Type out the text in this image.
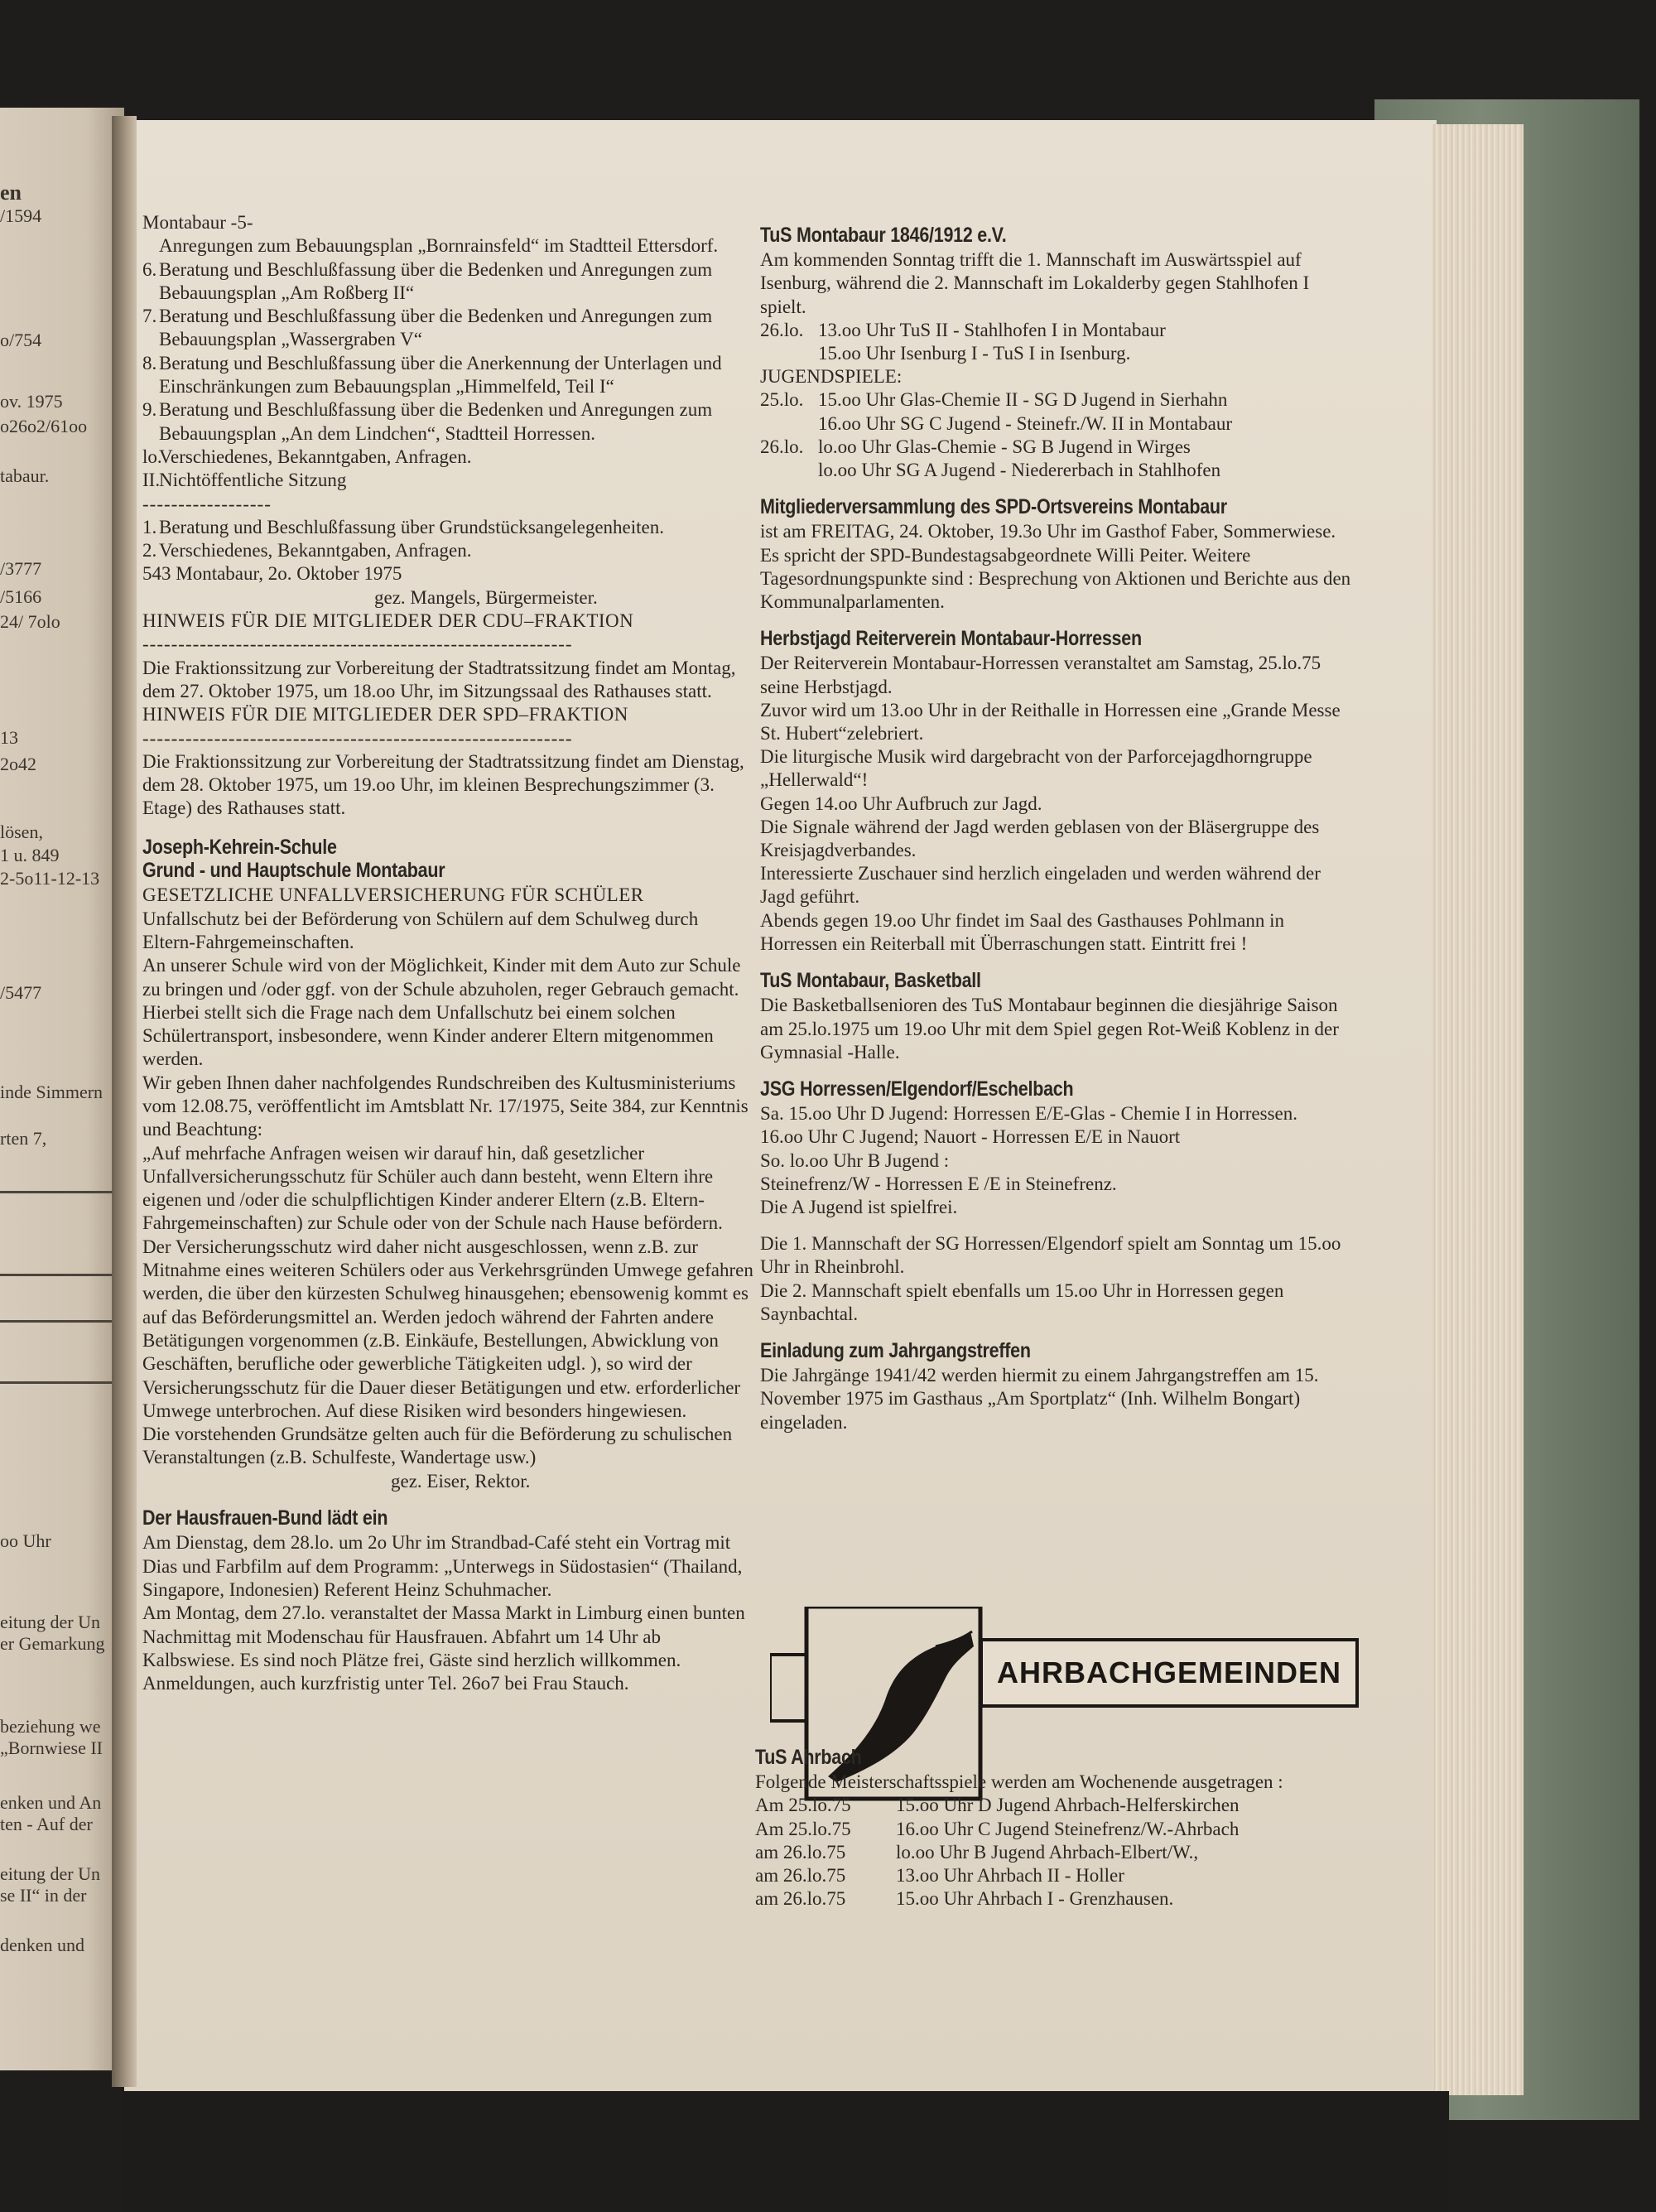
en
/1594
o/754
ov. 1975
o26o2/61oo
tabaur.
/3777
/5166
24/ 7olo
13
2o42
lösen,
1 u. 849
2-5o11-12-13
/5477
inde Simmern
rten 7,
oo Uhr
eitung der Un
er Gemarkung
beziehung we
„Bornwiese II
enken und An
ten - Auf der
eitung der Un
se II“ in der
denken und
Montabaur -5-
Anregungen zum Bebauungsplan „Bornrainsfeld“ im Stadtteil Ettersdorf.
6. Beratung und Beschlußfassung über die Bedenken und Anregungen zum Bebauungsplan „Am Roßberg II“
7. Beratung und Beschlußfassung über die Bedenken und Anregungen zum Bebauungsplan „Wassergraben V“
8. Beratung und Beschlußfassung über die Anerkennung der Unterlagen und Einschränkungen zum Bebauungsplan „Himmelfeld, Teil I“
9. Beratung und Beschlußfassung über die Bedenken und Anregungen zum Bebauungsplan „An dem Lindchen“, Stadtteil Horressen.
lo.
Verschiedenes, Bekanntgaben, Anfragen.
II.
Nichtöffentliche Sitzung
------------------
1. Beratung und Beschlußfassung über Grundstücksangelegenheiten.
2. Verschiedenes, Bekanntgaben, Anfragen.
543 Montabaur, 2o. Oktober 1975
gez. Mangels, Bürgermeister.
HINWEIS FÜR DIE MITGLIEDER DER CDU–FRAKTION
------------------------------------------------------------

Die Fraktionssitzung zur Vorbereitung der Stadtratssitzung findet am Montag, dem 27. Oktober 1975, um 18.oo Uhr, im Sitzungssaal des Rathauses statt.

HINWEIS FÜR DIE MITGLIEDER DER SPD–FRAKTION
------------------------------------------------------------

Die Fraktionssitzung zur Vorbereitung der Stadtratssitzung findet am Dienstag, dem 28. Oktober 1975, um 19.oo Uhr, im kleinen Besprechungszimmer (3. Etage) des Rathauses statt.

Joseph-Kehrein-Schule
Grund - und Hauptschule Montabaur
GESETZLICHE UNFALLVERSICHERUNG FÜR SCHÜLER

Unfallschutz bei der Beförderung von Schülern auf dem Schulweg durch Eltern-Fahrgemeinschaften.

An unserer Schule wird von der Möglichkeit, Kinder mit dem Auto zur Schule zu bringen und /oder ggf. von der Schule abzuholen, reger Gebrauch gemacht.

Hierbei stellt sich die Frage nach dem Unfallschutz bei einem solchen Schülertransport, insbesondere, wenn Kinder anderer Eltern mitgenommen werden.

Wir geben Ihnen daher nachfolgendes Rundschreiben des Kultusministeriums vom 12.08.75, veröffentlicht im Amtsblatt Nr. 17/1975, Seite 384, zur Kenntnis und Beachtung:

„Auf mehrfache Anfragen weisen wir darauf hin, daß gesetzlicher Unfallversicherungsschutz für Schüler auch dann besteht, wenn Eltern ihre eigenen und /oder die schulpflichtigen Kinder anderer Eltern (z.B. Eltern-Fahrgemeinschaften) zur Schule oder von der Schule nach Hause befördern.

Der Versicherungsschutz wird daher nicht ausgeschlossen, wenn z.B. zur Mitnahme eines weiteren Schülers oder aus Verkehrsgründen Umwege gefahren werden, die über den kürzesten Schulweg hinausgehen; ebensowenig kommt es auf das Beförderungsmittel an. Werden jedoch während der Fahrten andere Betätigungen vorgenommen (z.B. Einkäufe, Bestellungen, Abwicklung von Geschäften, berufliche oder gewerbliche Tätigkeiten udgl. ), so wird der Versicherungsschutz für die Dauer dieser Betätigungen und etw. erforderlicher Umwege unterbrochen. Auf diese Risiken wird besonders hingewiesen.

Die vorstehenden Grundsätze gelten auch für die Beförderung zu schulischen Veranstaltungen (z.B. Schulfeste, Wandertage usw.)

gez. Eiser, Rektor.
Der Hausfrauen-Bund lädt ein

Am Dienstag, dem 28.lo. um 2o Uhr im Strandbad-Café steht ein Vortrag mit Dias und Farbfilm auf dem Programm: „Unterwegs in Südostasien“ (Thailand, Singapore, Indonesien) Referent Heinz Schuhmacher.

Am Montag, dem 27.lo. veranstaltet der Massa Markt in Limburg einen bunten Nachmittag mit Modenschau für Hausfrauen. Abfahrt um 14 Uhr ab Kalbswiese. Es sind noch Plätze frei, Gäste sind herzlich willkommen. Anmeldungen, auch kurzfristig unter Tel. 26o7 bei Frau Stauch.

TuS Montabaur 1846/1912 e.V.

Am kommenden Sonntag trifft die 1. Mannschaft im Auswärtsspiel auf Isenburg, während die 2. Mannschaft im Lokalderby gegen Stahlhofen I spielt.

26.lo. 13.oo Uhr TuS II - Stahlhofen I in Montabaur
15.oo Uhr Isenburg I - TuS I in Isenburg.
JUGENDSPIELE:
25.lo. 15.oo Uhr Glas-Chemie II - SG D Jugend in Sierhahn
16.oo Uhr SG C Jugend - Steinefr./W. II in Montabaur
26.lo. lo.oo Uhr Glas-Chemie - SG B Jugend in Wirges
lo.oo Uhr SG A Jugend - Niedererbach in Stahlhofen
Mitgliederversammlung des SPD-Ortsvereins Montabaur

ist am FREITAG, 24. Oktober, 19.3o Uhr im Gasthof Faber, Sommerwiese. Es spricht der SPD-Bundestagsabgeordnete Willi Peiter. Weitere Tagesordnungspunkte sind : Besprechung von Aktionen und Berichte aus den Kommunalparlamenten.

Herbstjagd Reiterverein Montabaur-Horressen

Der Reiterverein Montabaur-Horressen veranstaltet am Samstag, 25.lo.75 seine Herbstjagd.

Zuvor wird um 13.oo Uhr in der Reithalle in Horressen eine „Grande Messe St. Hubert“zelebriert.

Die liturgische Musik wird dargebracht von der Parforcejagdhorngruppe „Hellerwald“!

Gegen 14.oo Uhr Aufbruch zur Jagd.

Die Signale während der Jagd werden geblasen von der Bläsergruppe des Kreisjagdverbandes.

Interessierte Zuschauer sind herzlich eingeladen und werden während der Jagd geführt.

Abends gegen 19.oo Uhr findet im Saal des Gasthauses Pohlmann in Horressen ein Reiterball mit Überraschungen statt. Eintritt frei !

TuS Montabaur, Basketball

Die Basketballsenioren des TuS Montabaur beginnen die diesjährige Saison am 25.lo.1975 um 19.oo Uhr mit dem Spiel gegen Rot-Weiß Koblenz in der Gymnasial -Halle.

JSG Horressen/Elgendorf/Eschelbach

Sa. 15.oo Uhr D Jugend: Horressen E/E-Glas - Chemie I in Horressen.

16.oo Uhr C Jugend; Nauort - Horressen E/E in Nauort

So. lo.oo Uhr B Jugend :

Steinefrenz/W - Horressen E /E in Steinefrenz.

Die A Jugend ist spielfrei.

Die 1. Mannschaft der SG Horressen/Elgendorf spielt am Sonntag um 15.oo Uhr in Rheinbrohl.

Die 2. Mannschaft spielt ebenfalls um 15.oo Uhr in Horressen gegen Saynbachtal.

Einladung zum Jahrgangstreffen

Die Jahrgänge 1941/42 werden hiermit zu einem Jahrgangstreffen am 15. November 1975 im Gasthaus „Am Sportplatz“ (Inh. Wilhelm Bongart) eingeladen.

AHRBACHGEMEINDEN
TuS Ahrbach

Folgende Meisterschaftsspiele werden am Wochenende ausgetragen :

Am 25.lo.75	15.oo Uhr D Jugend Ahrbach-Helferskirchen
Am 25.lo.75	16.oo Uhr C Jugend Steinefrenz/W.-Ahrbach
am 26.lo.75	lo.oo Uhr B Jugend Ahrbach-Elbert/W.,
am 26.lo.75	13.oo Uhr Ahrbach II - Holler
am 26.lo.75	15.oo Uhr Ahrbach I - Grenzhausen.
